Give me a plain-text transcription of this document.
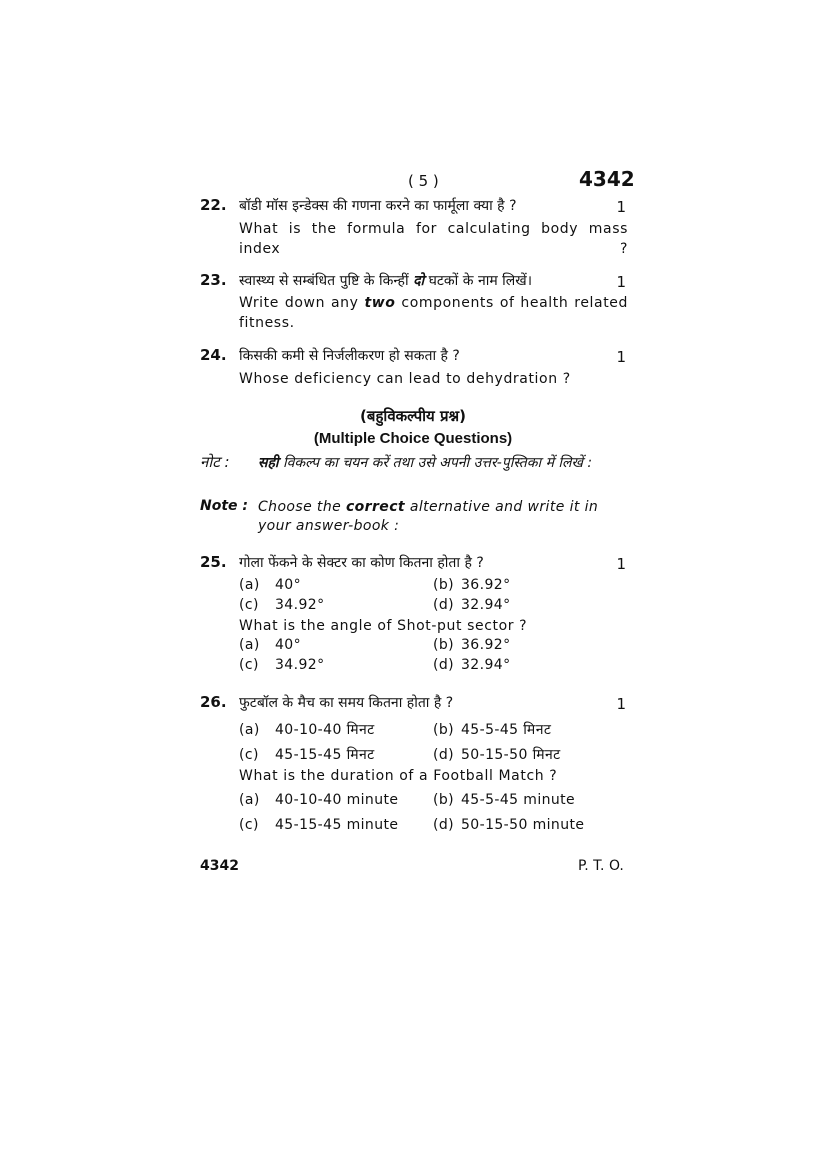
( 5 )	4342
22. बॉडी मॉस इन्डेक्स की गणना करने का फार्मूला क्या है ?	1
What is the formula for calculating body mass index ?
23. स्वास्थ्य से सम्बंधित पुष्टि के किन्हीं दो घटकों के नाम लिखें।	1
Write down any two components of health related fitness.
24. किसकी कमी से निर्जलीकरण हो सकता है ?	1
Whose deficiency can lead to dehydration ?
(बहुविकल्पीय प्रश्न)
(Multiple Choice Questions)
नोट : सही विकल्प का चयन करें तथा उसे अपनी उत्तर-पुस्तिका में लिखें :
Note : Choose the correct alternative and write it in your answer-book :
25. गोला फेंकने के सेक्टर का कोण कितना होता है ?	1
(a) 40°	(b) 36.92°
(c) 34.92°	(d) 32.94°
What is the angle of Shot-put sector ?
(a) 40°	(b) 36.92°
(c) 34.92°	(d) 32.94°
26. फुटबॉल के मैच का समय कितना होता है ?	1
(a) 40-10-40 मिनट	(b) 45-5-45 मिनट
(c) 45-15-45 मिनट	(d) 50-15-50 मिनट
What is the duration of a Football Match ?
(a) 40-10-40 minute (b) 45-5-45 minute
(c) 45-15-45 minute (d) 50-15-50 minute
4342	P. T. O.
